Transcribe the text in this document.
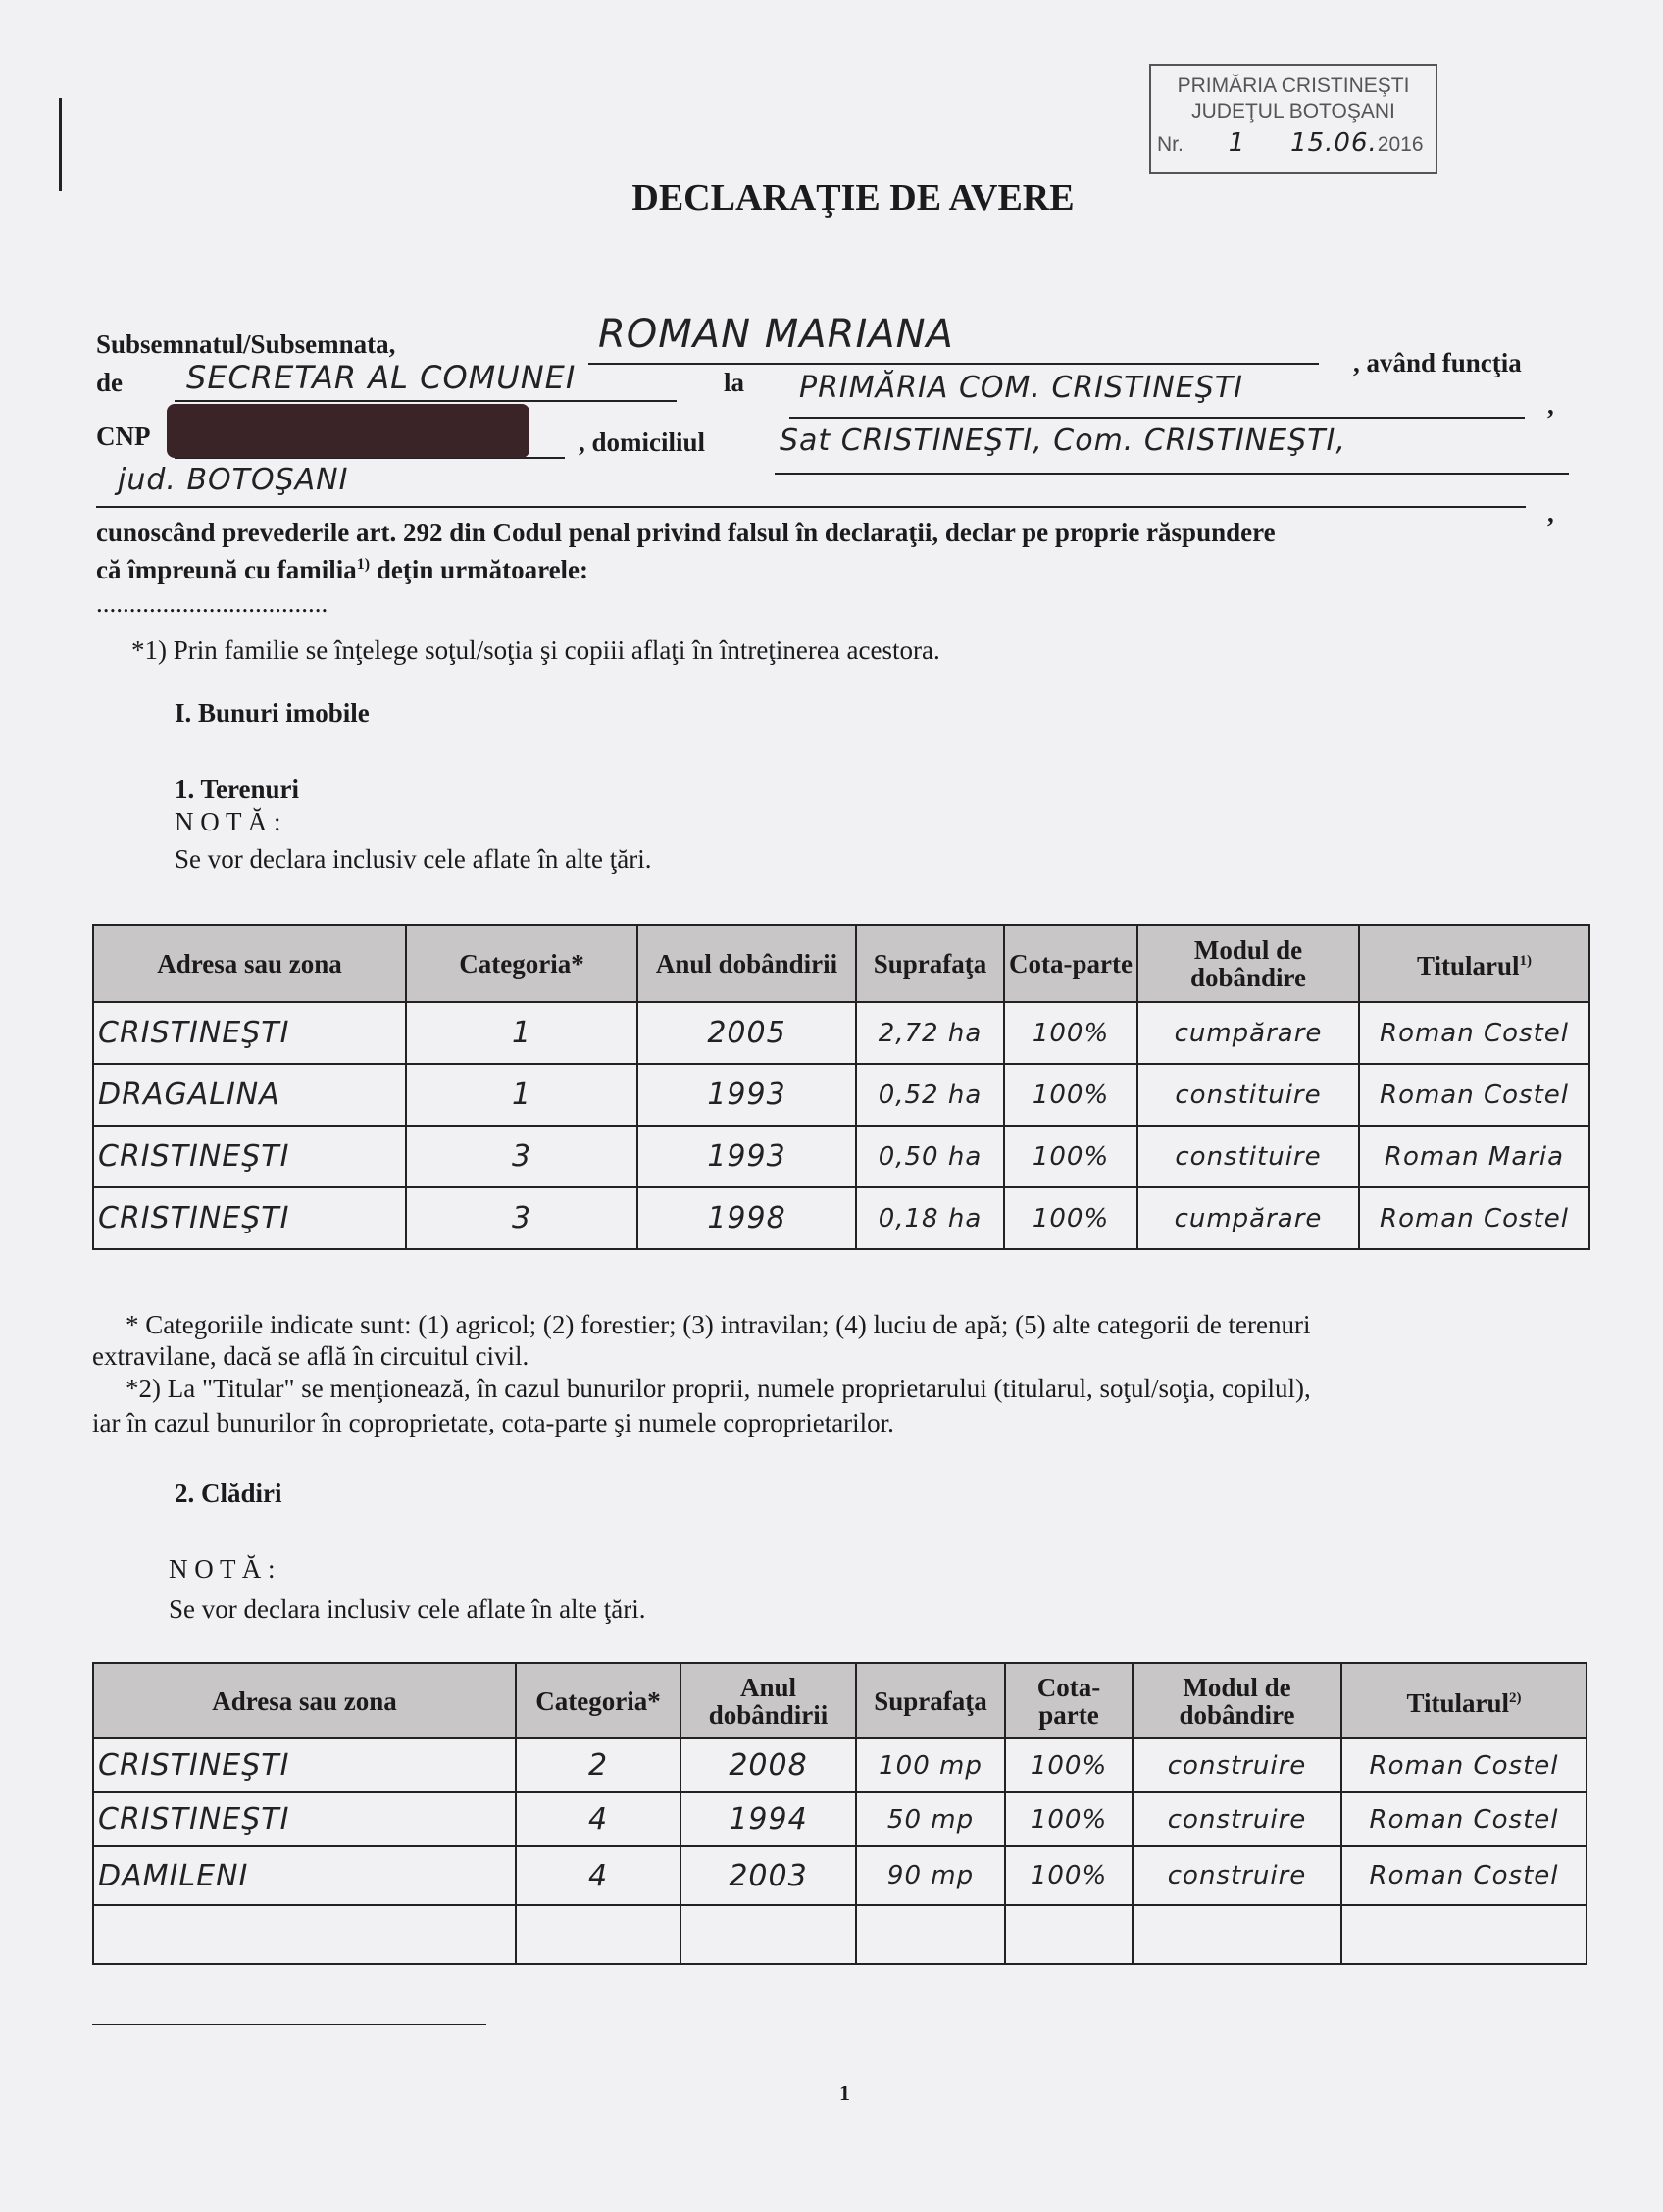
PRIMĂRIA CRISTINEŞTI
JUDEŢUL BOTOŞANI
Nr. 1 15.06.2016
DECLARAŢIE DE AVERE
Subsemnatul/Subsemnata,	ROMAN MARIANA
, având funcţia
de SECRETAR AL COMUNEI	la PRIMĂRIA COM. CRISTINEŞTI	,
CNP	, domiciliul	Sat CRISTINEŞTI, Com. CRISTINEŞTI,
jud. BOTOŞANI
,
cunoscând prevederile art. 292 din Codul penal privind falsul în declaraţii, declar pe proprie răspundere
că împreună cu familia$^{1)}$ deţin următoarele:
...................................
*1) Prin familie se înţelege soţul/soţia şi copiii aflaţi în întreţinerea acestora.
I. Bunuri imobile
1. Terenuri
N O T Ă :
Se vor declara inclusiv cele aflate în alte ţări.
Adresa sau zona	Categoria*	Anul dobândirii	Suprafaţa	Cota-parte	Modul de dobândire	Titularul$^{1)}$
CRISTINEŞTI	1	2005	2,72 ha	100%	cumpărare	Roman Costel
DRAGALINA	1	1993	0,52 ha	100%	constituire	Roman Costel
CRISTINEŞTI	3	1993	0,50 ha	100%	constituire	Roman Maria
CRISTINEŞTI	3	1998	0,18 ha	100%	cumpărare	Roman Costel
* Categoriile indicate sunt: (1) agricol; (2) forestier; (3) intravilan; (4) luciu de apă; (5) alte categorii de terenuri
extravilane, dacă se află în circuitul civil.
*2) La "Titular" se menţionează, în cazul bunurilor proprii, numele proprietarului (titularul, soţul/soţia, copilul),
iar în cazul bunurilor în coproprietate, cota-parte şi numele coproprietarilor.
2. Clădiri
N O T Ă :
Se vor declara inclusiv cele aflate în alte ţări.
Adresa sau zona	Categoria*	Anul dobândirii	Suprafaţa	Cota-parte	Modul de dobândire	Titularul$^{2)}$
CRISTINEŞTI	2	2008	100 mp	100%	construire	Roman Costel
CRISTINEŞTI	4	1994	50 mp	100%	construire	Roman Costel
DAMILENI	4	2003	90 mp	100%	construire	Roman Costel

1
